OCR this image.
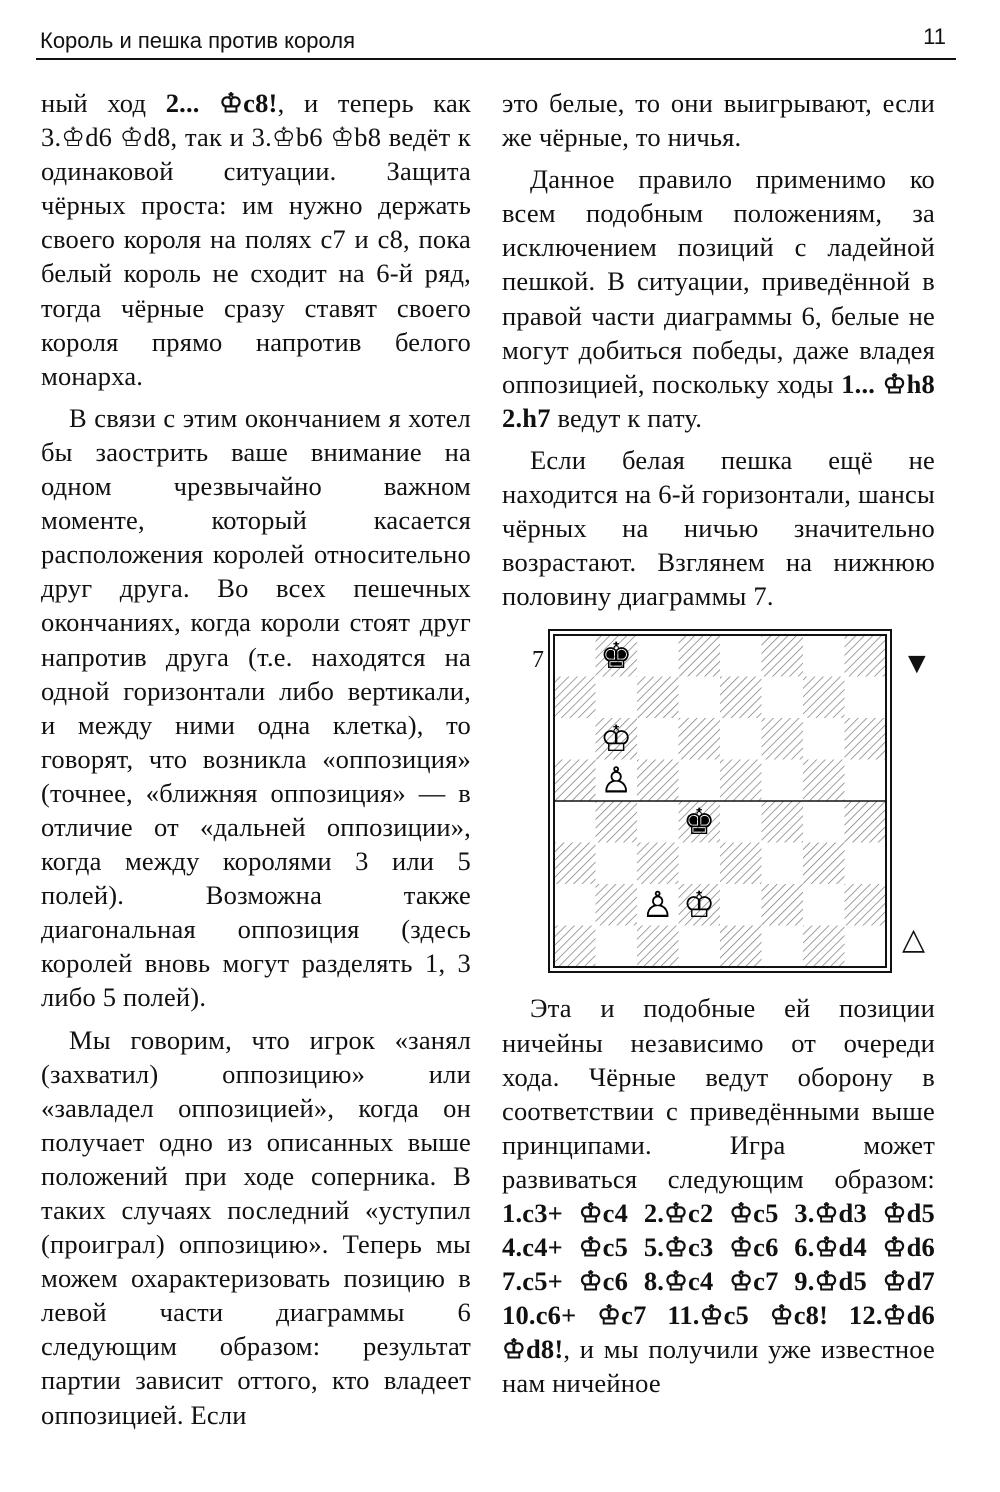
Король и пешка против короля	11

ный ход 2... ♔c8!, и теперь как 3.♔d6 ♔d8, так и 3.♔b6 ♔b8 ведёт к одинаковой ситуации. Защита чёрных проста: им нужно держать своего короля на полях c7 и c8, пока белый король не сходит на 6-й ряд, тогда чёрные сразу ставят своего короля прямо напротив белого монарха.

В связи с этим окончанием я хотел бы заострить ваше внимание на одном чрезвычайно важном моменте, который касается расположения королей относительно друг друга. Во всех пешечных окончаниях, когда короли стоят друг напротив друга (т.е. находятся на одной горизонтали либо вертикали, и между ними одна клетка), то говорят, что возникла «оппозиция» (точнее, «ближняя оппозиция» — в отличие от «дальней оппозиции», когда между королями 3 или 5 полей). Возможна также диагональная оппозиция (здесь королей вновь могут разделять 1, 3 либо 5 полей).

Мы говорим, что игрок «занял (захватил) оппозицию» или «завладел оппозицией», когда он получает одно из описанных выше положений при ходе соперника. В таких случаях последний «уступил (проиграл) оппозицию». Теперь мы можем охарактеризовать позицию в левой части диаграммы 6 следующим образом: результат партии зависит оттого, кто владеет оппозицией. Если

это белые, то они выигрывают, если же чёрные, то ничья.

Данное правило применимо ко всем подобным положениям, за исключением позиций с ладейной пешкой. В ситуации, приведённой в правой части диаграммы 6, белые не могут добиться победы, даже владея оппозицией, поскольку ходы 1... ♔h8 2.h7 ведут к пату.

Если белая пешка ещё не находится на 6-й горизонтали, шансы чёрных на ничью значительно возрастают. Взглянем на нижнюю половину диаграммы 7.

7 ♚
♔
♙
♚
♙ ♔
▼
△

Эта и подобные ей позиции ничейны независимо от очереди хода. Чёрные ведут оборону в соответствии с приведёнными выше принципами. Игра может развиваться следующим образом: 1.c3+ ♔c4 2.♔c2 ♔c5 3.♔d3 ♔d5 4.c4+ ♔c5 5.♔c3 ♔c6 6.♔d4 ♔d6 7.c5+ ♔c6 8.♔c4 ♔c7 9.♔d5 ♔d7 10.c6+ ♔c7 11.♔c5 ♔c8! 12.♔d6 ♔d8!, и мы получили уже известное нам ничейное
